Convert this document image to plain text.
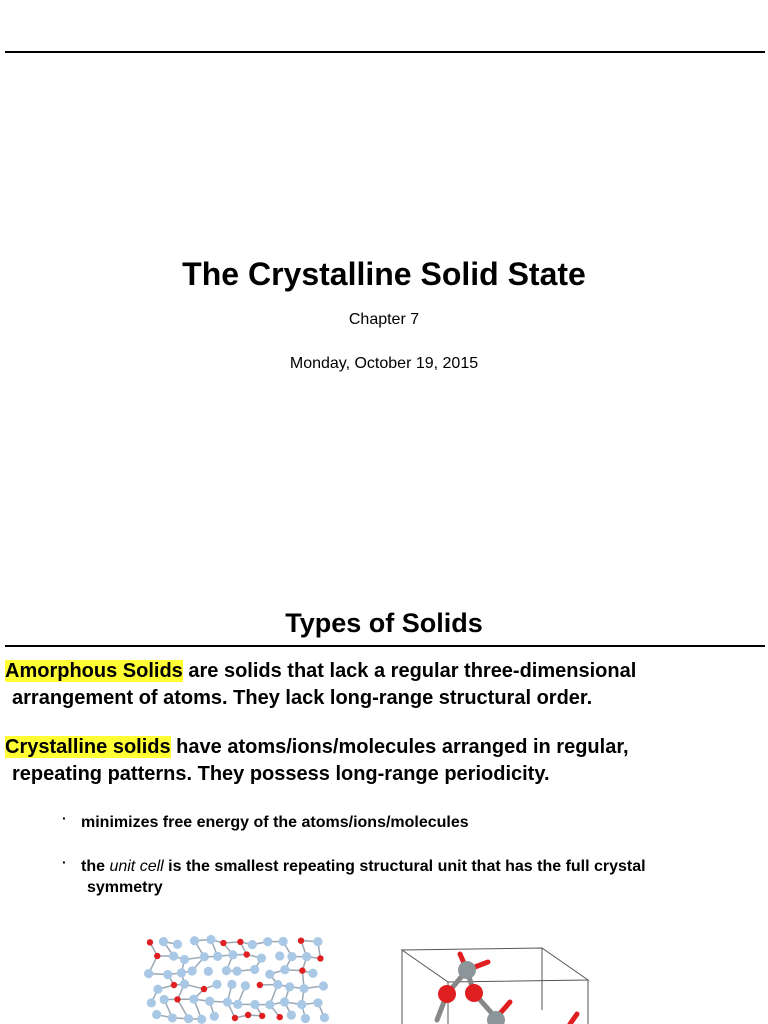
The Crystalline Solid State
Chapter 7
Monday, October 19, 2015
Types of Solids
Amorphous Solids are solids that lack a regular three-dimensional
arrangement of atoms. They lack long-range structural order.
Crystalline solids have atoms/ions/molecules arranged in regular,
repeating patterns. They possess long-range periodicity.
· minimizes free energy of the atoms/ions/molecules
· the unit cell is the smallest repeating structural unit that has the full crystal
symmetry
